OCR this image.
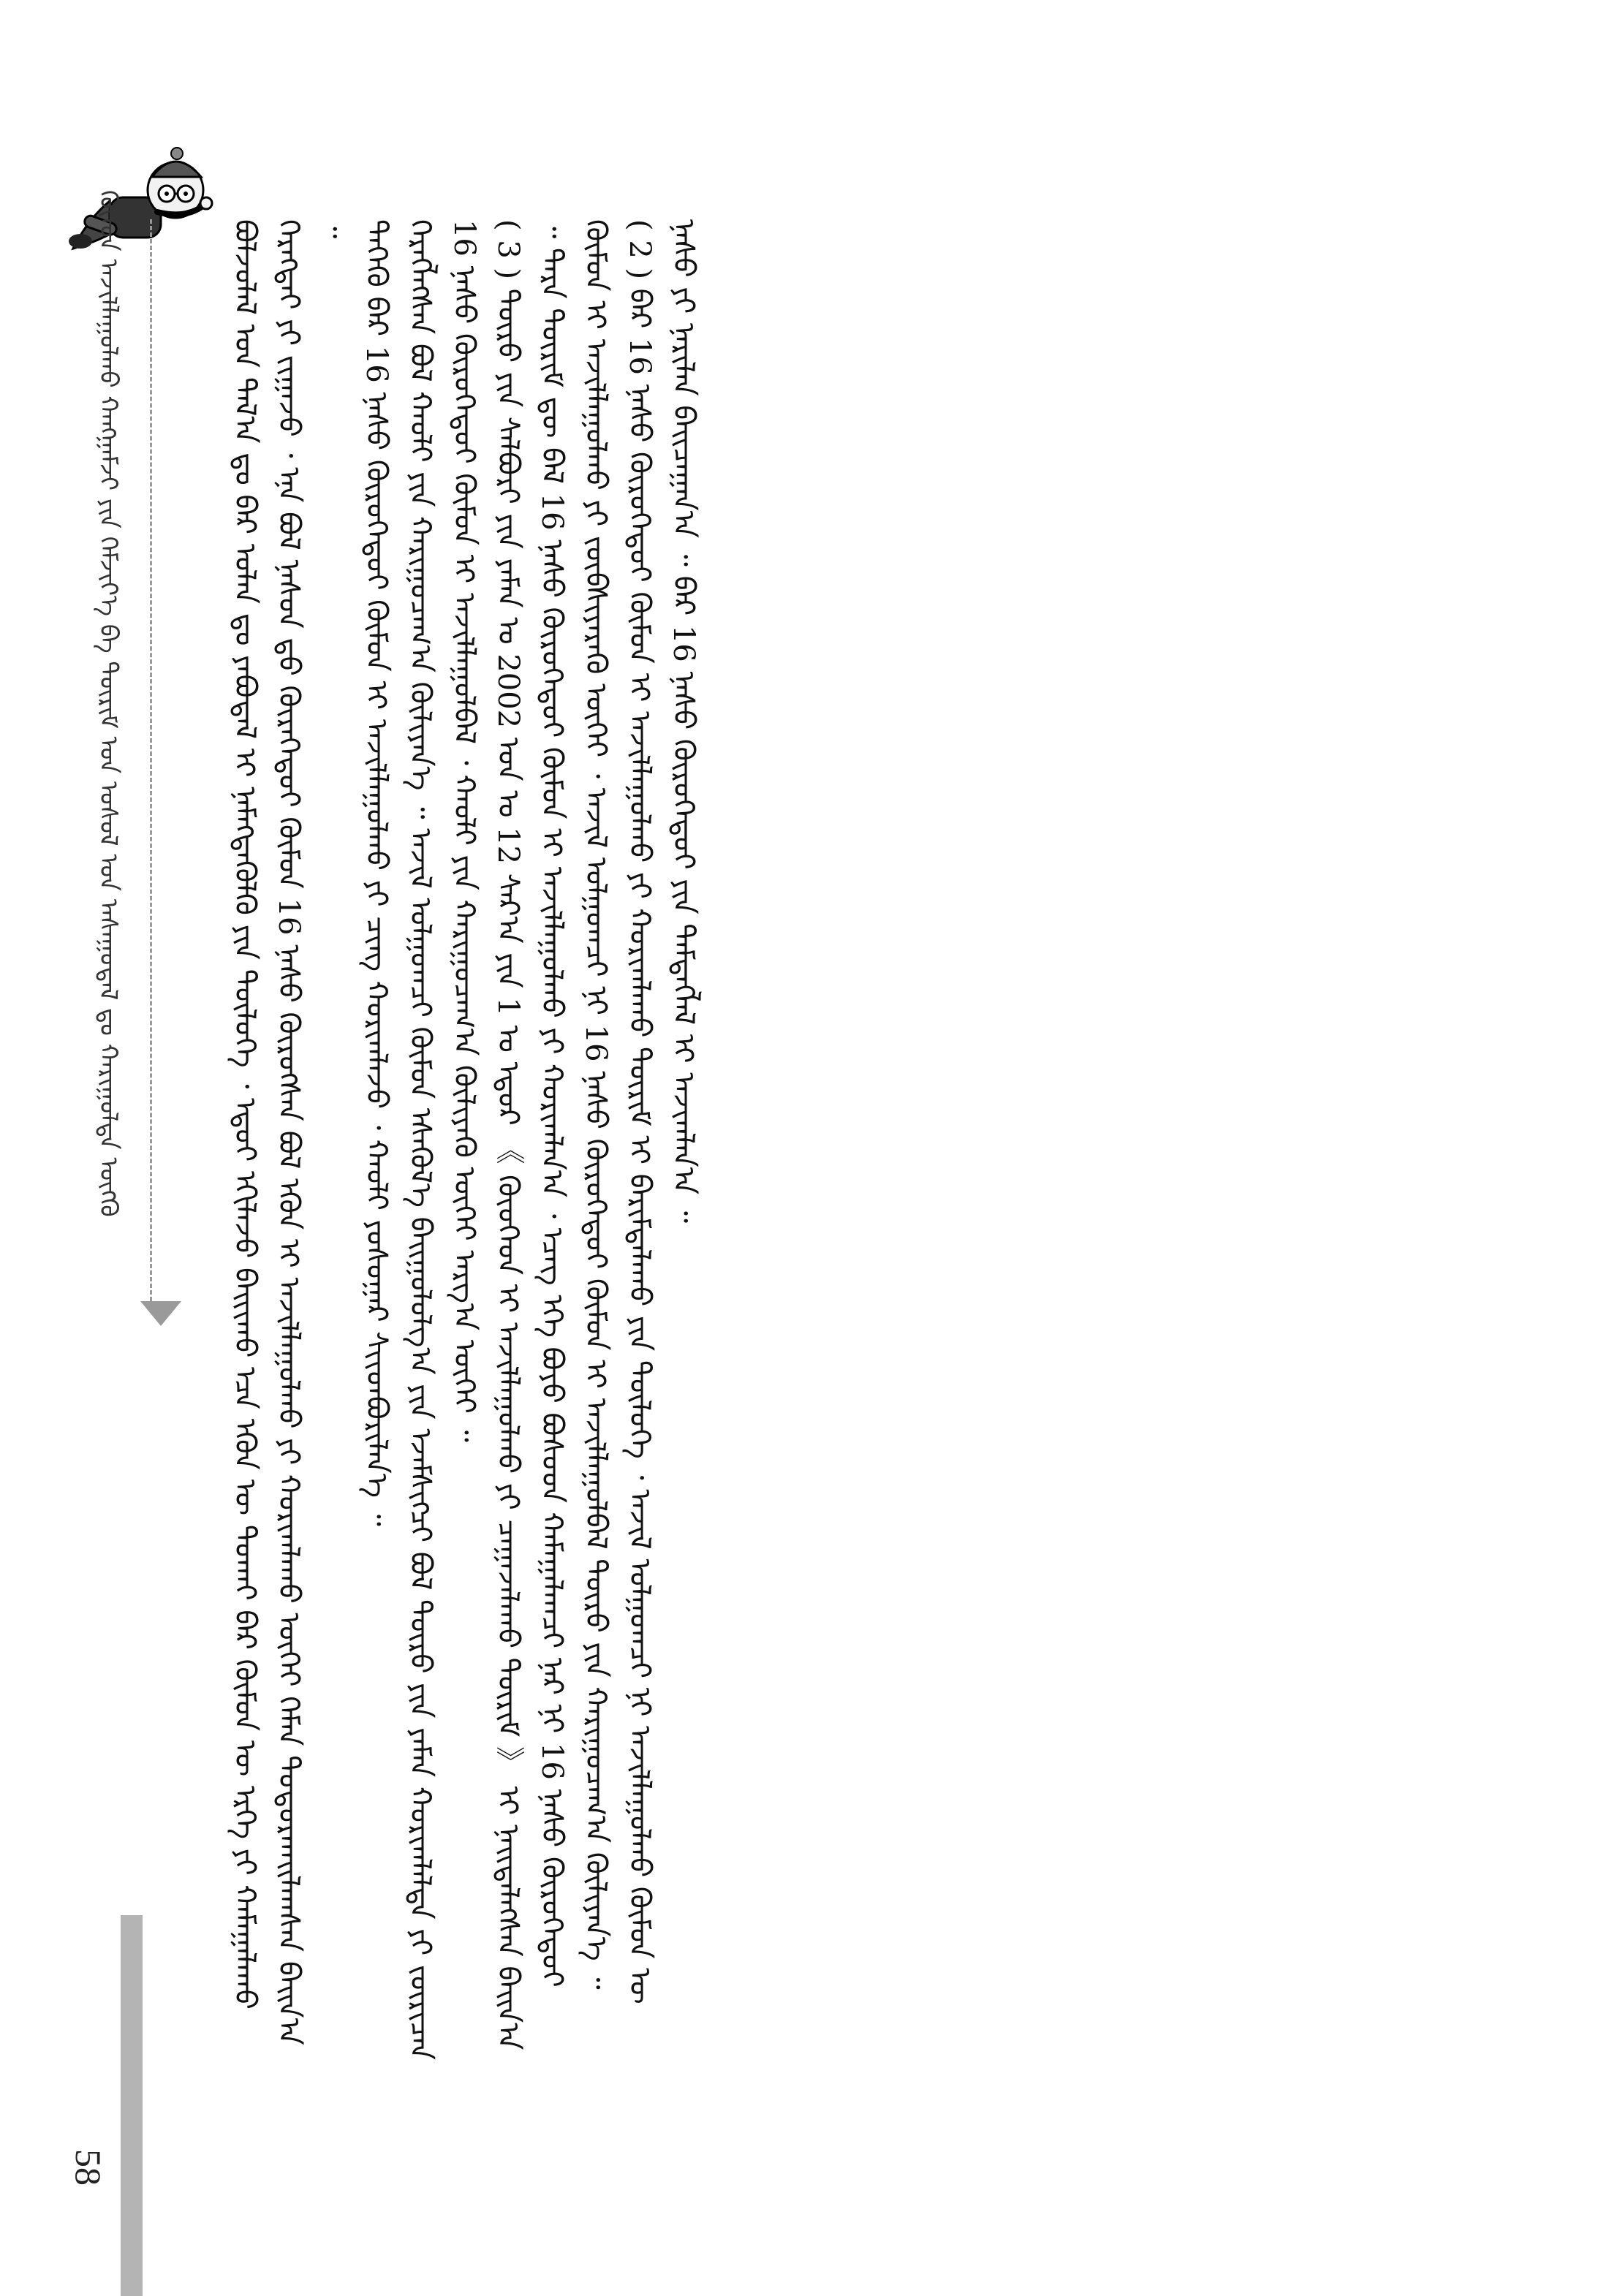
ᠬᠦᠮᠦᠨ ᠠᠵᠢᠯᠯᠠᠭᠤᠯᠬᠤ ᠬᠠᠩᠭᠠᠮᠵᠢ ᠶᠢᠨ ᠬᠡᠮᠵᠢᠶ᠎ᠡ ᠪᠠ ᠳᠦᠷᠢᠮ ᠤᠨ ᠤᠰᠤᠯ ᠤᠨ ᠠᠰᠠᠭᠤᠳᠠᠯ ᠳᠤ ᠬᠠᠷᠢᠭᠤᠯᠲᠠ ᠥᠭᠬᠦ	ᠪᠣᠯᠵᠣᠯᠠᠯ ᠤᠨ ᠲᠠᠯ᠎ᠠ ᠳᠤ ᠪᠡᠷ ᠣᠯᠠᠨ ᠳᠤ ᠶᠠᠪᠤᠳᠠᠯ ᠢ ᠨᠡᠮᠡᠭᠳᠡᠭᠦᠯᠬᠦ ᠶᠢᠨ ᠲᠥᠯᠦᠭᠡ ᠂ ᠡᠳᠦᠢ ᠡᠬᠢᠯᠡᠵᠦ ᠪᠠᠢᠢᠬᠤ ᠡᠴᠡ ᠡᠭᠦᠨ ᠦ ᠲᠤᠬᠠᠢ ᠪᠠᠷ ᠬᠦᠮᠦᠨ ᠦ ᠡᠷᠬᠡ ᠶᠢ ᠬᠠᠮᠠᠭᠠᠯᠠᠬᠤ ᠬᠡᠷᠡᠭᠲᠡᠢ ᠶᠢ ᠵᠢᠭᠠᠵᠤ ᠂ ᠡᠨᠡ ᠪᠣᠯ ᠨᠠᠰᠤᠨ ᠳ᠋ᠤ ᠬᠦᠷᠡᠭᠡᠳᠦᠢ ᠬᠦᠮᠦᠨ 16 ᠨᠠᠰᠤ ᠬᠦᠷᠦᠭᠰᠡᠨ ᠪᠣᠯ ᠡᠭᠦᠨ ᠢ ᠠᠵᠢᠯᠯᠠᠭᠤᠯᠬᠤ ᠶᠢ ᠬᠣᠷᠢᠭᠯᠠᠬᠤ ᠦᠭᠡᠢ ᠬᠡᠮᠡᠨ ᠲᠣᠳᠣᠷᠬᠠᠢᠯᠠᠭᠰᠠᠨ ᠪᠠᠢᠨ᠎ᠠ ᠃ ᠲᠡᠭᠡᠬᠦ ᠪᠠᠷ 16 ᠨᠠᠰᠤ ᠬᠦᠷᠦᠭᠡᠳᠦᠢ ᠬᠦᠮᠦᠨ ᠢ ᠠᠵᠢᠯᠯᠠᠭᠤᠯᠬᠤ ᠶᠢ ᠴᠢᠩ ᠬᠣᠷᠢᠭᠯᠠᠵᠤ ᠂ ᠬᠠᠤᠯᠢ ᠶᠣᠰᠤᠭᠠᠷ ᠰᠢᠢᠳᠪᠦᠷᠢᠯᠡᠨ᠎ᠡ ᠃ ᠬᠡᠷᠡᠭᠯᠡᠭᠰᠡᠨ ᠪᠣᠯ ᠬᠠᠤᠯᠢ ᠶᠢᠨ ᠬᠠᠷᠢᠭᠤᠴᠠᠭ᠎ᠠ ᠬᠦᠯᠢᠶᠡᠨ᠎ᠡ ᠃ ᠠᠵᠢᠯ ᠣᠯᠭᠤᠭᠴᠢ ᠬᠦᠮᠦᠨ ᠡᠰᠡᠬᠦᠯ᠎ᠡ ᠪᠠᠢᠭᠤᠯᠤᠯᠭ᠎ᠠ ᠶᠢᠨ ᠡᠵᠡᠮᠰᠢᠭᠴᠢ ᠪᠣᠯ ᠲᠥᠷᠦ ᠶᠢᠨ ᠶᠠᠮᠠᠨ ᠬᠣᠷᠢᠭᠯᠠᠯᠲᠠ ᠶᠢ ᠵᠥᠷᠢᠴᠡᠨ 16 ᠨᠠᠰᠤ ᠬᠦᠷᠦᠭᠡᠳᠦᠢ ᠬᠦᠮᠦᠨ ᠢ ᠠᠵᠢᠯᠯᠠᠭᠤᠯᠪᠠᠯ ᠂ ᠬᠠᠤᠯᠢ ᠶᠢᠨ ᠬᠠᠷᠢᠭᠤᠴᠠᠭ᠎ᠠ ᠬᠦᠯᠢᠶᠡᠬᠦ ᠦᠭᠡᠢ ᠠᠷᠭ᠎ᠠ ᠦᠭᠡᠢ ᠃ ( 3 ) ᠲᠥᠷᠦ ᠶᠢᠨ ᠰᠠᠯᠪᠤᠷᠢ ᠶᠢᠨ ᠶᠠᠮᠠᠨ ᠤ 2002 ᠣᠨ ᠤ 12 ᠰᠠᠷ᠎ᠠ ᠶᠢᠨ 1 ᠤ ᠡᠳᠦᠷ 《 ᠬᠦᠦᠬᠡᠳ ᠢ ᠠᠵᠢᠯᠯᠠᠭᠤᠯᠬᠤ ᠶᠢ ᠴᠠᠭᠠᠵᠠᠯᠠᠬᠤ ᠳᠦᠷᠢᠮ 》 ᠢ ᠨᠡᠢᠲᠡᠯᠡᠭᠰᠡᠨ ᠪᠠᠢᠨ᠎ᠠ ᠃ ᠲᠡᠷᠡ ᠳᠦᠷᠢᠮ ᠳᠦ ᠪᠠᠯ 16 ᠨᠠᠰᠤ ᠬᠦᠷᠦᠭᠡᠳᠦᠢ ᠬᠦᠮᠦᠨ ᠢ ᠠᠵᠢᠯᠯᠠᠭᠤᠯᠬᠤ ᠶᠢ ᠬᠣᠷᠢᠭᠯᠠᠨ᠎ᠠ ᠂ ᠡᠴᠡᠭ᠌ ᠡᠬᠡ ᠪᠤᠶᠤ ᠪᠤᠰᠤᠳ ᠬᠠᠮᠠᠭᠠᠯᠠᠭᠴᠢ ᠨᠠᠷ ᠨᠢ 16 ᠨᠠᠰᠤ ᠬᠦᠷᠦᠭᠡᠳᠦᠢ ᠬᠦᠮᠦᠨ ᠢ ᠠᠵᠢᠯᠯᠠᠭᠤᠯᠬᠤ ᠶᠢ ᠵᠥᠪᠰᠢᠶᠡᠷᠡᠬᠦ ᠦᠭᠡᠢ ᠂ ᠠᠵᠢᠯ ᠣᠯᠭᠤᠭᠴᠢ ᠨᠢ 16 ᠨᠠᠰᠤ ᠬᠦᠷᠦᠭᠡᠳᠦᠢ ᠬᠦᠮᠦᠨ ᠢ ᠠᠵᠢᠯᠯᠠᠭᠤᠯᠪᠠᠯ ᠲᠥᠷᠦ ᠶᠢᠨ ᠬᠠᠷᠢᠭᠤᠴᠠᠭ᠎ᠠ ᠬᠦᠯᠢᠶᠡᠨ᠎ᠡ ᠃ ( 2 ) ᠪᠡᠷ 16 ᠨᠠᠰᠤ ᠬᠦᠷᠦᠭᠡᠳᠦᠢ ᠬᠦᠮᠦᠨ ᠢ ᠠᠵᠢᠯᠯᠠᠭᠤᠯᠬᠤ ᠶᠢ ᠬᠣᠷᠢᠭᠯᠠᠬᠤ ᠳᠦᠷᠢᠮ ᠢ ᠪᠠᠷᠢᠮᠲᠠᠯᠠᠬᠤ ᠶᠢᠨ ᠲᠥᠯᠦᠭᠡ ᠂ ᠠᠵᠢᠯ ᠣᠯᠭᠤᠭᠴᠢ ᠨᠢ ᠠᠵᠢᠯᠯᠠᠭᠤᠯᠬᠤ ᠬᠦᠮᠦᠨ ᠦ ᠨᠠᠰᠤ ᠶᠢ ᠨᠠᠷᠢᠯᠠᠨ ᠪᠠᠢᠴᠠᠭᠠᠨ᠎ᠠ ᠃ ᠪᠡᠷ 16 ᠨᠠᠰᠤ ᠬᠦᠷᠦᠭᠡᠳᠦᠢ ᠶᠢᠨ ᠲᠡᠮᠳᠡᠭᠯᠡᠯ ᠢ ᠠᠵᠢᠭᠯᠠᠨ᠎ᠠ ᠃

58
